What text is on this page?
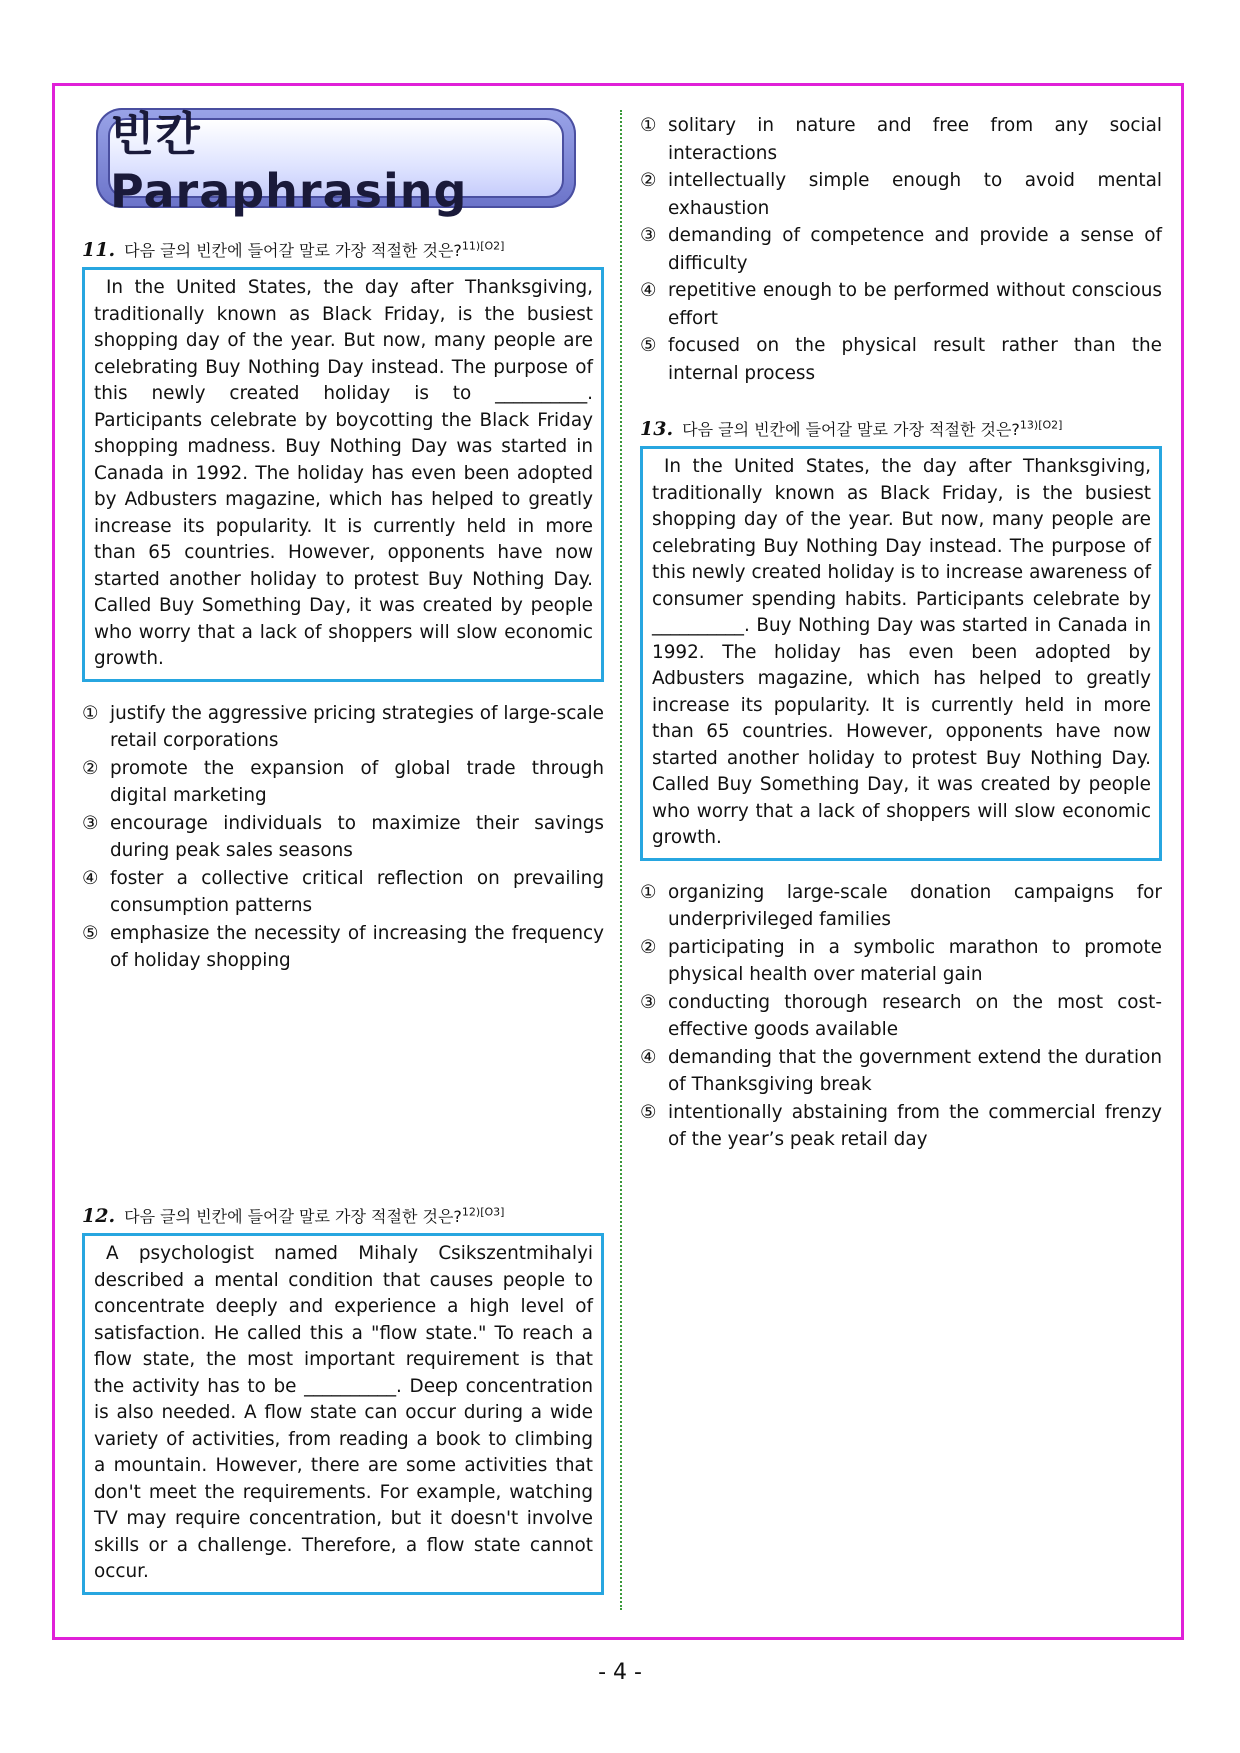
빈칸 Paraphrasing
11. 다음 글의 빈칸에 들어갈 말로 가장 적절한 것은?$^{11)[O2]}$
In the United States, the day after Thanksgiving, traditionally known as Black Friday, is the busiest shopping day of the year. But now, many people are celebrating Buy Nothing Day instead. The purpose of this newly created holiday is to __________. Participants celebrate by boycotting the Black Friday shopping madness. Buy Nothing Day was started in Canada in 1992. The holiday has even been adopted by Adbusters magazine, which has helped to greatly increase its popularity. It is currently held in more than 65 countries. However, opponents have now started another holiday to protest Buy Nothing Day. Called Buy Something Day, it was created by people who worry that a lack of shoppers will slow economic growth.
① justify the aggressive pricing strategies of large-scale retail corporations
② promote the expansion of global trade through digital marketing
③ encourage individuals to maximize their savings during peak sales seasons
④ foster a collective critical reflection on prevailing consumption patterns
⑤ emphasize the necessity of increasing the frequency of holiday shopping
12. 다음 글의 빈칸에 들어갈 말로 가장 적절한 것은?$^{12)[O3]}$
A psychologist named Mihaly Csikszentmihalyi described a mental condition that causes people to concentrate deeply and experience a high level of satisfaction. He called this a "flow state." To reach a flow state, the most important requirement is that the activity has to be __________. Deep concentration is also needed. A flow state can occur during a wide variety of activities, from reading a book to climbing a mountain. However, there are some activities that don't meet the requirements. For example, watching TV may require concentration, but it doesn't involve skills or a challenge. Therefore, a flow state cannot occur.
① solitary in nature and free from any social interactions
② intellectually simple enough to avoid mental exhaustion
③ demanding of competence and provide a sense of difficulty
④ repetitive enough to be performed without conscious effort
⑤ focused on the physical result rather than the internal process
13. 다음 글의 빈칸에 들어갈 말로 가장 적절한 것은?$^{13)[O2]}$
In the United States, the day after Thanksgiving, traditionally known as Black Friday, is the busiest shopping day of the year. But now, many people are celebrating Buy Nothing Day instead. The purpose of this newly created holiday is to increase awareness of consumer spending habits. Participants celebrate by __________. Buy Nothing Day was started in Canada in 1992. The holiday has even been adopted by Adbusters magazine, which has helped to greatly increase its popularity. It is currently held in more than 65 countries. However, opponents have now started another holiday to protest Buy Nothing Day. Called Buy Something Day, it was created by people who worry that a lack of shoppers will slow economic growth.
① organizing large-scale donation campaigns for underprivileged families
② participating in a symbolic marathon to promote physical health over material gain
③ conducting thorough research on the most cost-effective goods available
④ demanding that the government extend the duration of Thanksgiving break
⑤ intentionally abstaining from the commercial frenzy of the year’s peak retail day
- 4 -
